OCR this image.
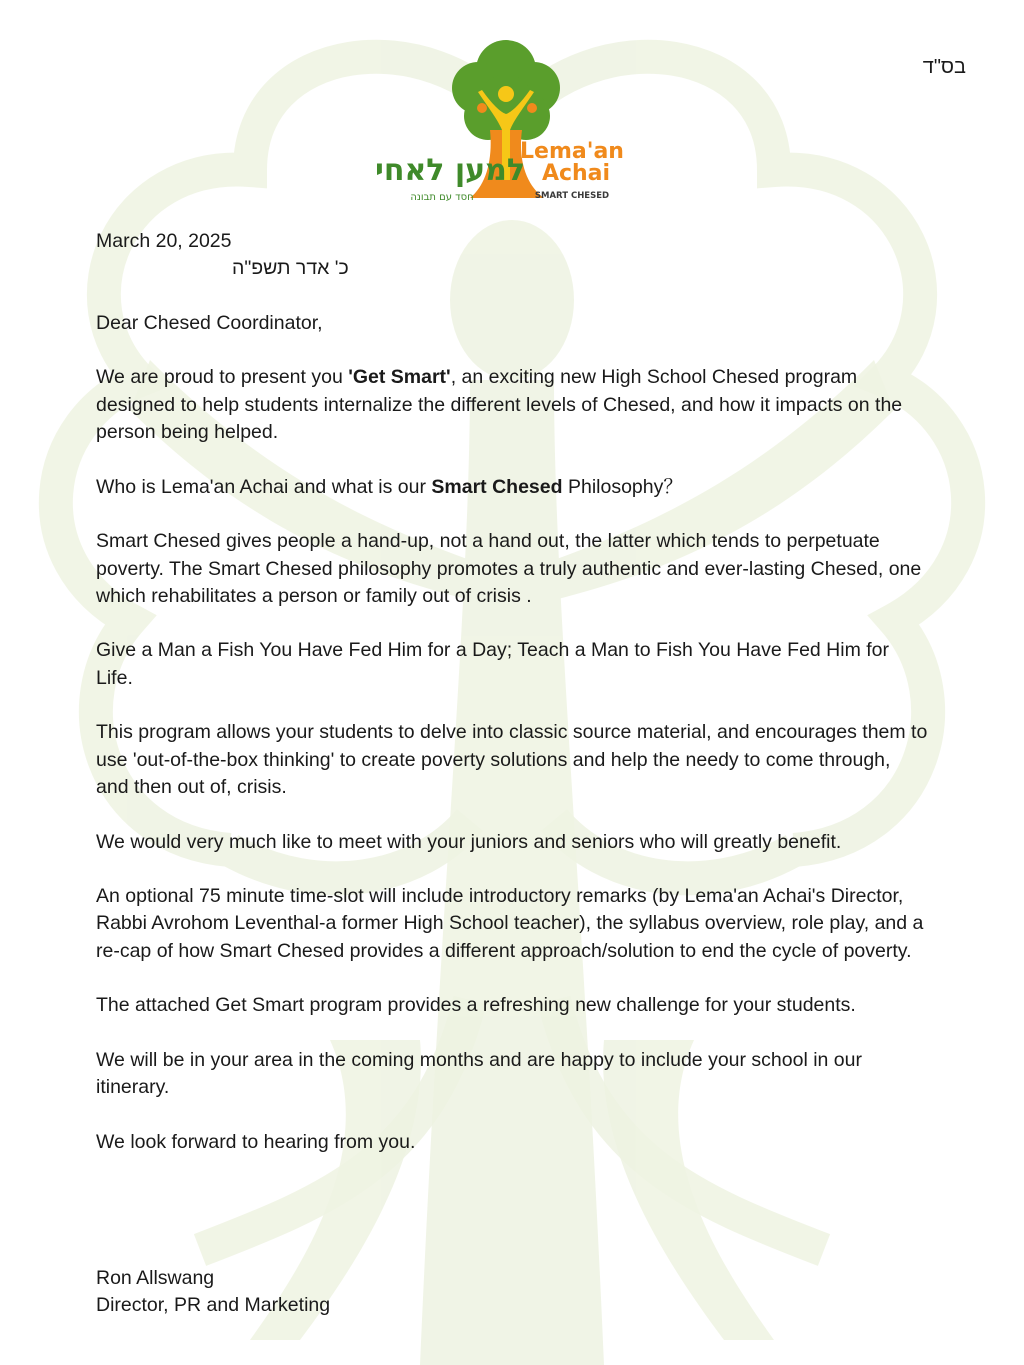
בס"ד
למען לאחי
חסד עם תבונה
Lema'an
Achai
SMART CHESED

March 20, 2025

כ' אדר תשפ"ה

Dear Chesed Coordinator,

We are proud to present you 'Get Smart', an exciting new High School Chesed program designed to help students internalize the different levels of Chesed, and how it impacts on the person being helped.

Who is Lema'an Achai and what is our Smart Chesed Philosophy？

Smart Chesed gives people a hand-up, not a hand out, the latter which tends to perpetuate poverty. The Smart Chesed philosophy promotes a truly authentic and ever-lasting Chesed, one which rehabilitates a person or family out of crisis .

Give a Man a Fish You Have Fed Him for a Day; Teach a Man to Fish You Have Fed Him for Life.

This program allows your students to delve into classic source material, and encourages them to use 'out-of-the-box thinking' to create poverty solutions and help the needy to come through, and then out of, crisis.

We would very much like to meet with your juniors and seniors who will greatly benefit.

An optional 75 minute time-slot will include introductory remarks (by Lema'an Achai's Director, Rabbi Avrohom Leventhal-a former High School teacher), the syllabus overview, role play, and a re-cap of how Smart Chesed provides a different approach/solution to end the cycle of poverty.

The attached Get Smart program provides a refreshing new challenge for your students.

We will be in your area in the coming months and are happy to include your school in our itinerary.

We look forward to hearing from you.

Ron Allswang
Director, PR and Marketing
